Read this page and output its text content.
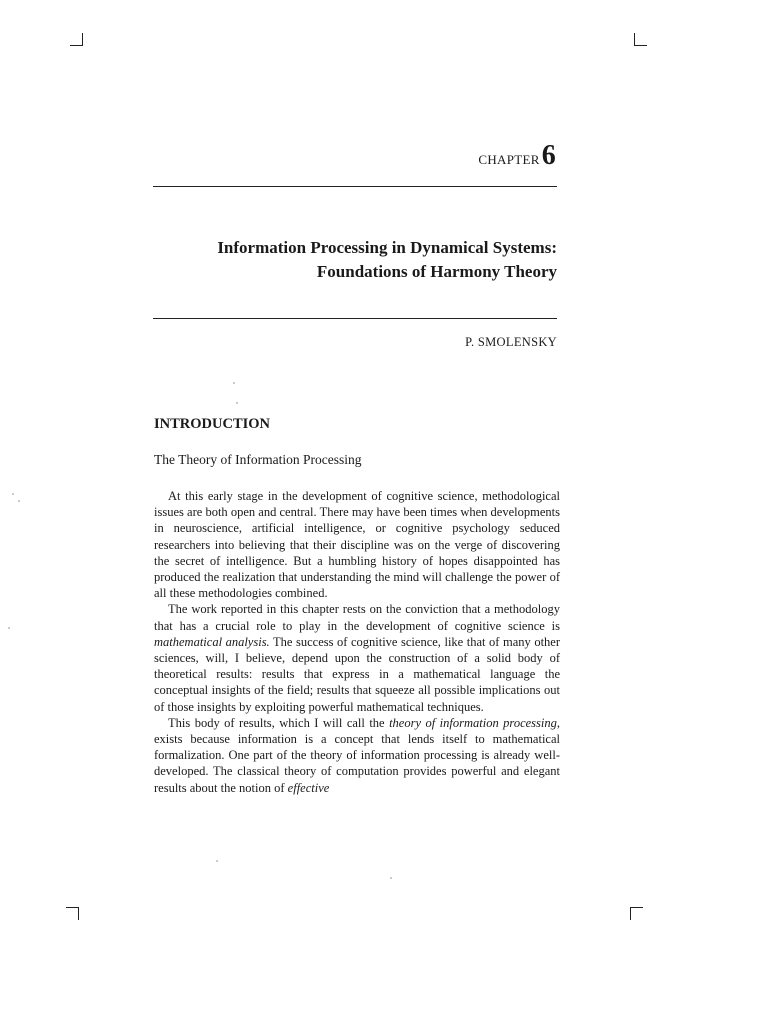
CHAPTER6
Information Processing in Dynamical Systems:
Foundations of Harmony Theory
P. SMOLENSKY
INTRODUCTION
The Theory of Information Processing

At this early stage in the development of cognitive science, methodological issues are both open and central. There may have been times when developments in neuroscience, artificial intelligence, or cognitive psychology seduced researchers into believing that their discipline was on the verge of discovering the secret of intelligence. But a humbling history of hopes disappointed has produced the realization that understanding the mind will challenge the power of all these methodologies combined.

The work reported in this chapter rests on the conviction that a methodology that has a crucial role to play in the development of cognitive science is mathematical analysis. The success of cognitive science, like that of many other sciences, will, I believe, depend upon the construction of a solid body of theoretical results: results that express in a mathematical language the conceptual insights of the field; results that squeeze all possible implications out of those insights by exploiting powerful mathematical techniques.

This body of results, which I will call the theory of information processing, exists because information is a concept that lends itself to mathematical formalization. One part of the theory of information processing is already well-developed. The classical theory of computation provides powerful and elegant results about the notion of effective
